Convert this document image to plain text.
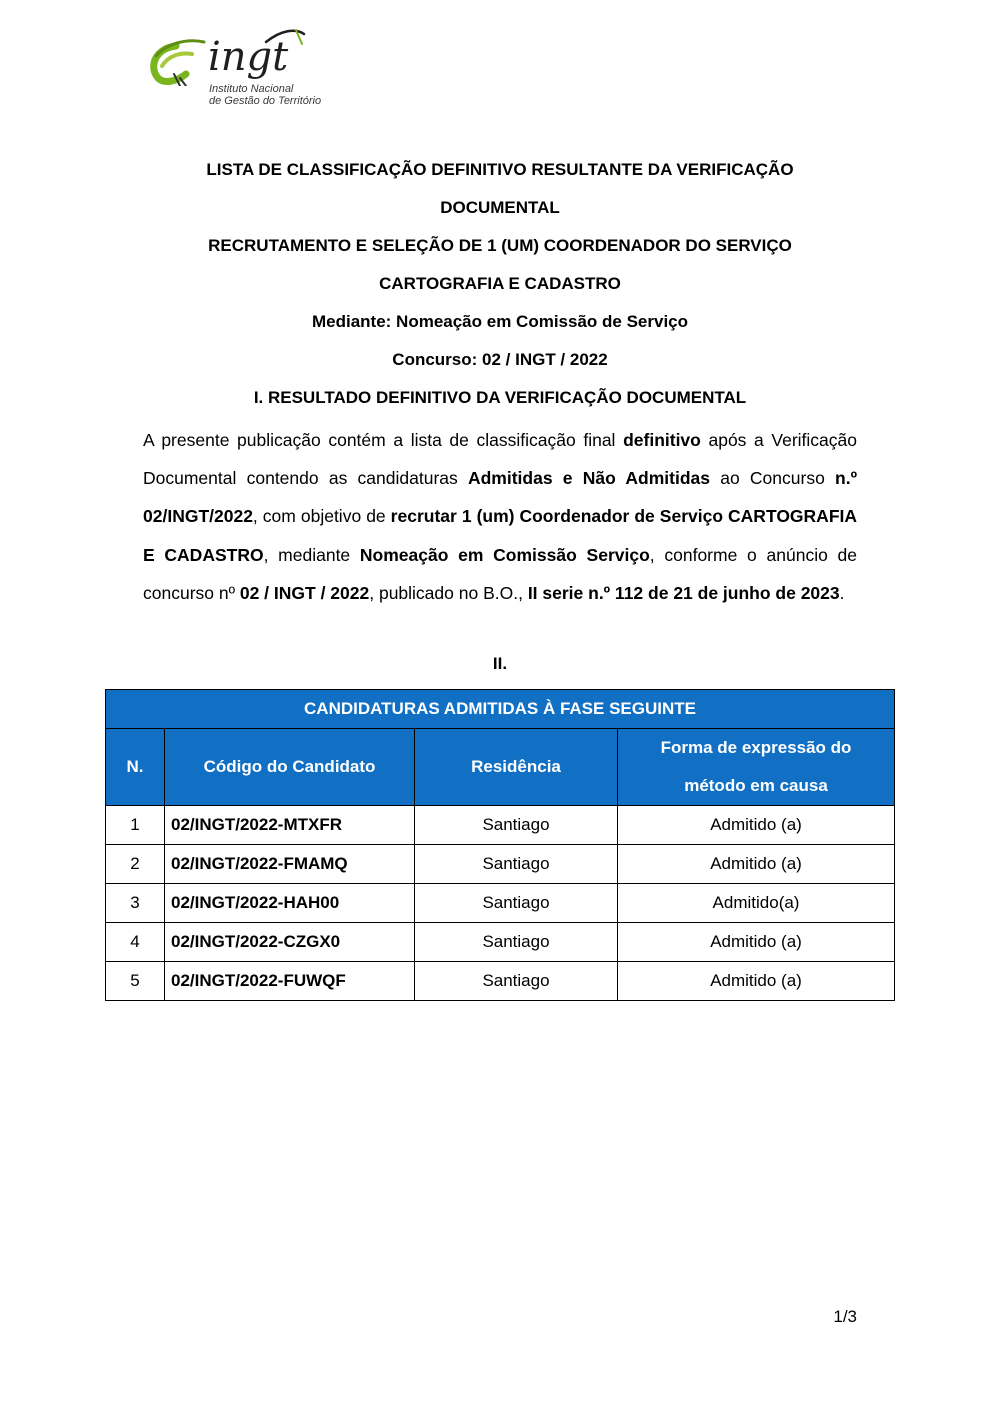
ingt
Instituto Nacional
de Gestão do Território
LISTA DE CLASSIFICAÇÃO DEFINITIVO RESULTANTE DA VERIFICAÇÃO
DOCUMENTAL
RECRUTAMENTO E SELEÇÃO DE 1 (UM) COORDENADOR DO SERVIÇO
CARTOGRAFIA E CADASTRO
Mediante: Nomeação em Comissão de Serviço
Concurso: 02 / INGT / 2022
I. RESULTADO DEFINITIVO DA VERIFICAÇÃO DOCUMENTAL
A presente publicação contém a lista de classificação final definitivo após a Verificação Documental contendo as candidaturas Admitidas e Não Admitidas ao Concurso n.º 02/INGT/2022, com objetivo de recrutar 1 (um) Coordenador de Serviço CARTOGRAFIA E CADASTRO, mediante Nomeação em Comissão Serviço, conforme o anúncio de concurso nº 02 / INGT / 2022, publicado no B.O., II serie n.º 112 de 21 de junho de 2023.
II.
CANDIDATURAS ADMITIDAS À FASE SEGUINTE			
N.	Código do Candidato	Residência	Forma de expressão do método em causa
1	02/INGT/2022-MTXFR	Santiago	Admitido (a)
2	02/INGT/2022-FMAMQ	Santiago	Admitido (a)
3	02/INGT/2022-HAH00	Santiago	Admitido(a)
4	02/INGT/2022-CZGX0	Santiago	Admitido (a)
5	02/INGT/2022-FUWQF	Santiago	Admitido (a)
1/3
